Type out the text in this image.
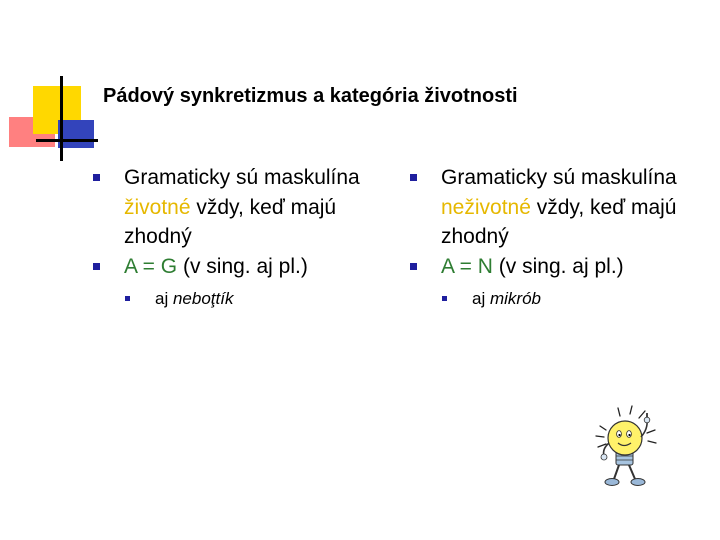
Pádový synkretizmus a kategória životnosti
Gramaticky sú maskulína životné vždy, keď majú zhodný
A = G (v sing. aj pl.)
aj neboţtík
Gramaticky sú maskulína neživotné vždy, keď majú zhodný
A = N (v sing. aj pl.)
aj mikrób
